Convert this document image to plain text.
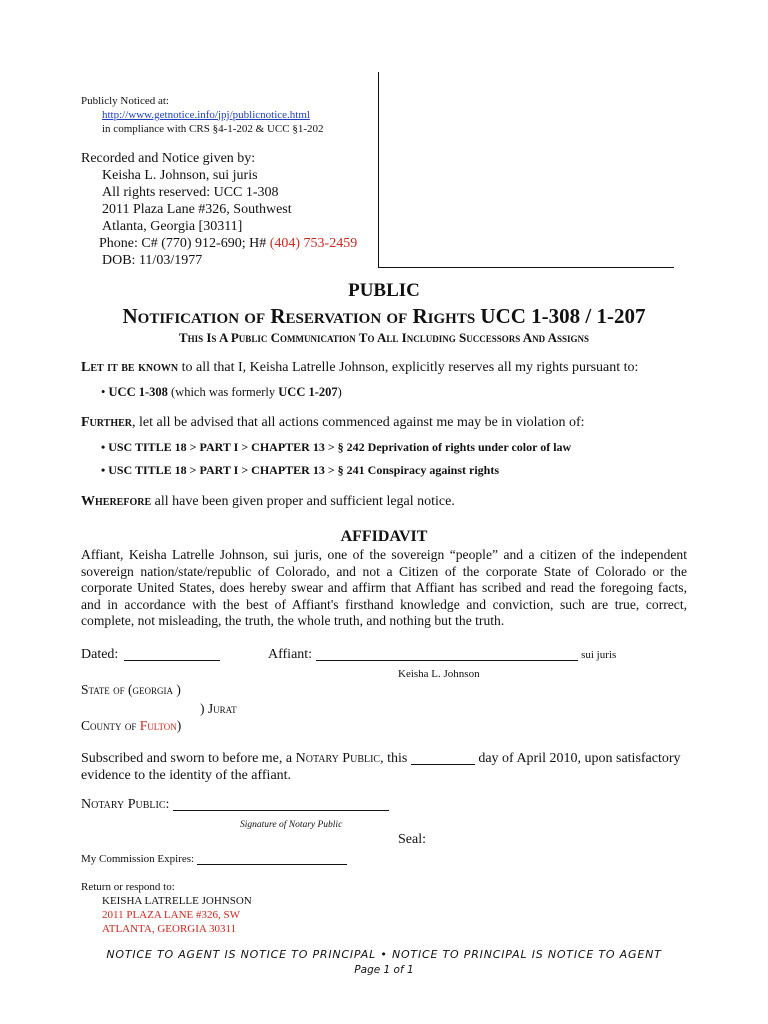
Publicly Noticed at:
http://www.getnotice.info/jpj/publicnotice.html
in compliance with CRS §4-1-202 & UCC §1-202
Recorded and Notice given by:
Keisha L. Johnson, sui juris
All rights reserved: UCC 1-308
2011 Plaza Lane #326, Southwest
Atlanta, Georgia [30311]
Phone: C# (770) 912-690; H# (404) 753-2459
DOB: 11/03/1977
PUBLIC
Notification of Reservation of Rights UCC 1-308 / 1-207
This Is A Public Communication To All Including Successors And Assigns
Let it be known to all that I, Keisha Latrelle Johnson, explicitly reserves all my rights pursuant to:
• UCC 1-308 (which was formerly UCC 1-207)
Further, let all be advised that all actions commenced against me may be in violation of:
• USC TITLE 18 > PART I > CHAPTER 13 > § 242 Deprivation of rights under color of law
• USC TITLE 18 > PART I > CHAPTER 13 > § 241 Conspiracy against rights
Wherefore all have been given proper and sufficient legal notice.
AFFIDAVIT
Affiant, Keisha Latrelle Johnson, sui juris, one of the sovereign “people” and a citizen of the independent sovereign nation/state/republic of Colorado, and not a Citizen of the corporate State of Colorado or the corporate United States, does hereby swear and affirm that Affiant has scribed and read the foregoing facts, and in accordance with the best of Affiant's firsthand knowledge and conviction, such are true, correct, complete, not misleading, the truth, the whole truth, and nothing but the truth.
Dated:	Affiant:	sui juris
Keisha L. Johnson
State of (georgia )
) Jurat
County of Fulton)
Subscribed and sworn to before me, a Notary Public, this	day of April 2010, upon satisfactory evidence to the identity of the affiant.
Notary Public:
Signature of Notary Public
Seal:
My Commission Expires:
Return or respond to:
KEISHA LATRELLE JOHNSON
2011 PLAZA LANE #326, SW
ATLANTA, GEORGIA 30311
NOTICE TO AGENT IS NOTICE TO PRINCIPAL • NOTICE TO PRINCIPAL IS NOTICE TO AGENT
Page 1 of 1
